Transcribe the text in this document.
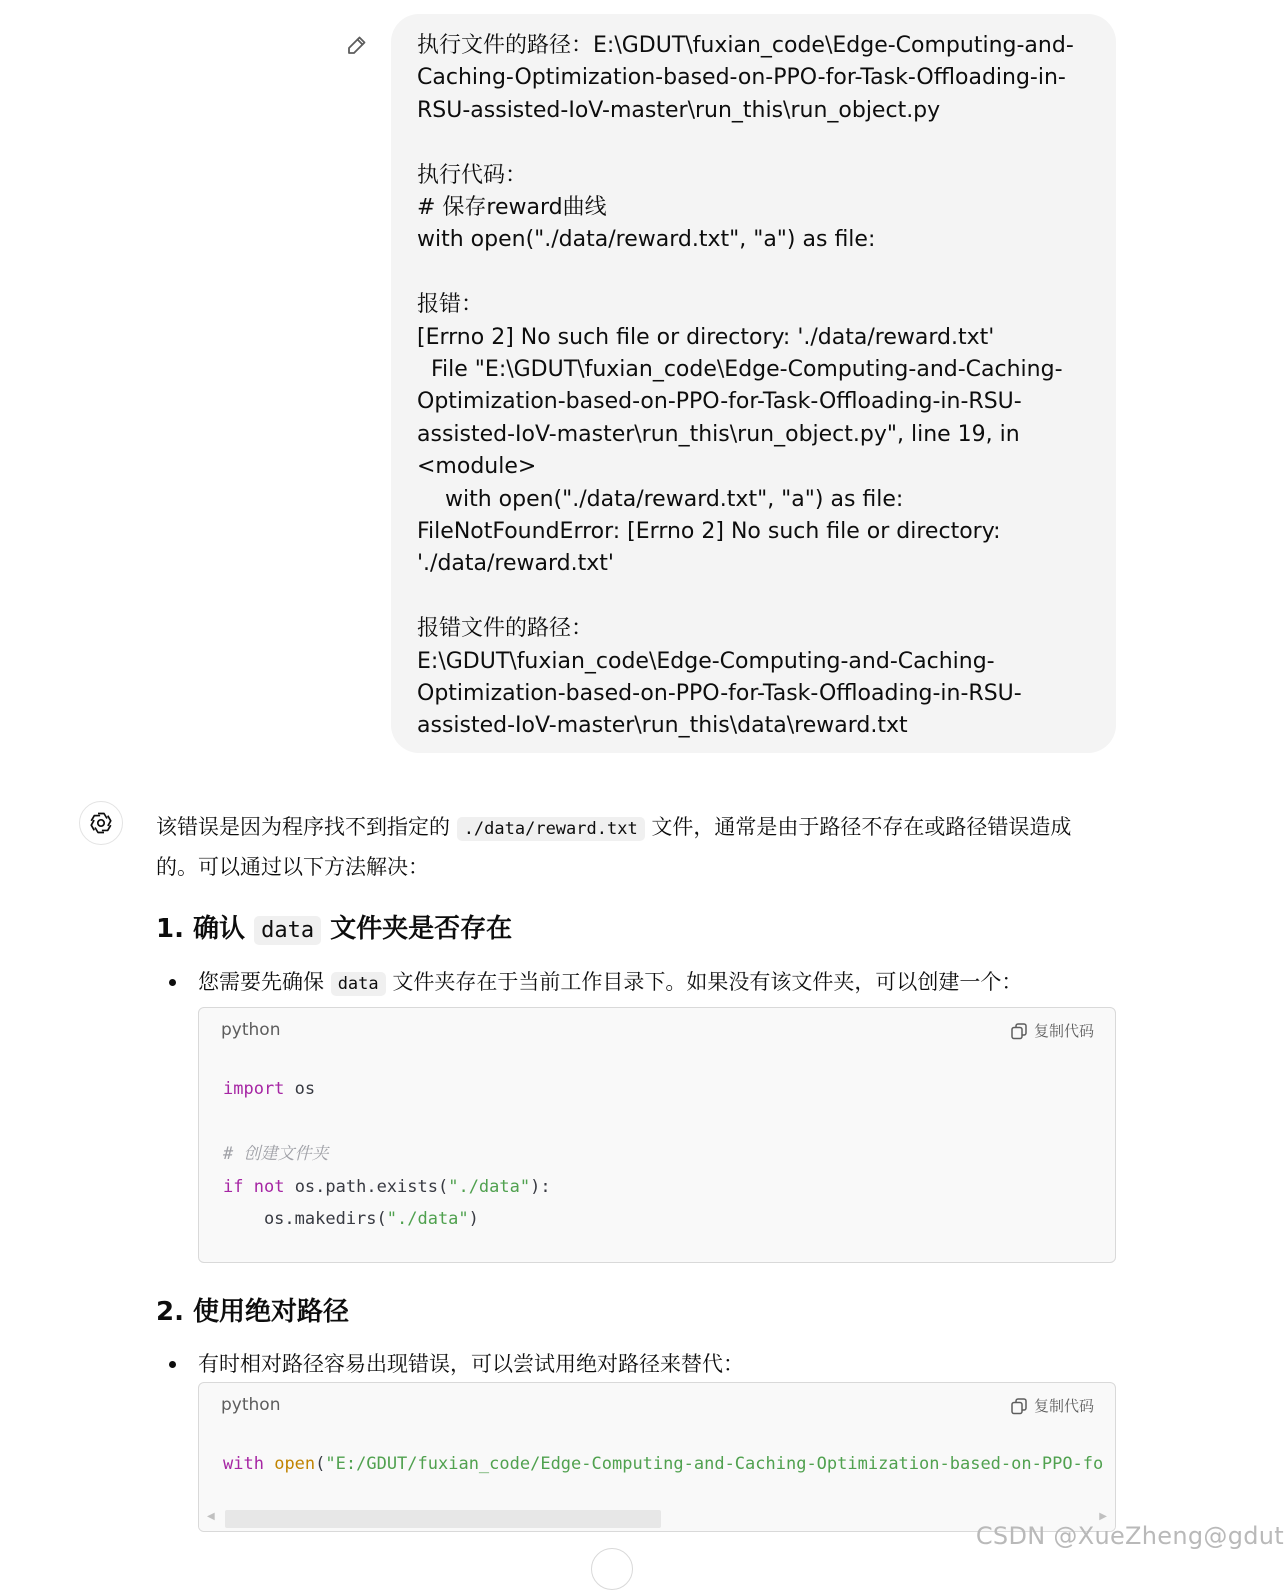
执行文件的路径：E:\GDUT\fuxian_code\Edge-Computing-and-
Caching-Optimization-based-on-PPO-for-Task-Offloading-in-
RSU-assisted-IoV-master\run_this\run_object.py
执行代码：
# 保存reward曲线
with open("./data/reward.txt", "a") as file:
报错：
[Errno 2] No such file or directory: './data/reward.txt'
File "E:\GDUT\fuxian_code\Edge-Computing-and-Caching-
Optimization-based-on-PPO-for-Task-Offloading-in-RSU-
assisted-IoV-master\run_this\run_object.py", line 19, in
<module>
with open("./data/reward.txt", "a") as file:
FileNotFoundError: [Errno 2] No such file or directory:
'./data/reward.txt'
报错文件的路径：
E:\GDUT\fuxian_code\Edge-Computing-and-Caching-
Optimization-based-on-PPO-for-Task-Offloading-in-RSU-
assisted-IoV-master\run_this\data\reward.txt
该错误是因为程序找不到指定的 ./data/reward.txt 文件，通常是由于路径不存在或路径错误造成
的。可以通过以下方法解决：
1. 确认 data 文件夹是否存在
您需要先确保 data 文件夹存在于当前工作目录下。如果没有该文件夹，可以创建一个：
python	复制代码
import os

# 创建文件夹
if not os.path.exists("./data"):
os.makedirs("./data")
2. 使用绝对路径
有时相对路径容易出现错误，可以尝试用绝对路径来替代：
python	复制代码
with open("E:/GDUT/fuxian_code/Edge-Computing-and-Caching-Optimization-based-on-PPO-fo
◀	▶
CSDN @XueZheng@gdut
